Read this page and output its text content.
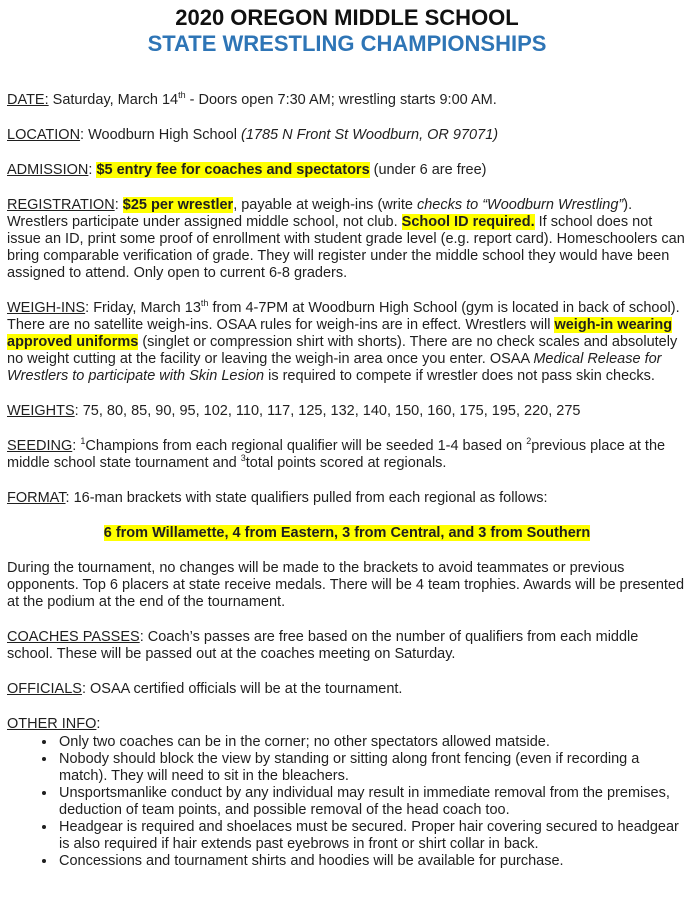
2020 OREGON MIDDLE SCHOOL
STATE WRESTLING CHAMPIONSHIPS

DATE: Saturday, March 14th - Doors open 7:30 AM; wrestling starts 9:00 AM.

LOCATION: Woodburn High School (1785 N Front St Woodburn, OR 97071)

ADMISSION: $5 entry fee for coaches and spectators (under 6 are free)

REGISTRATION: $25 per wrestler, payable at weigh-ins (write checks to “Woodburn Wrestling”). Wrestlers participate under assigned middle school, not club. School ID required. If school does not issue an ID, print some proof of enrollment with student grade level (e.g. report card). Homeschoolers can bring comparable verification of grade. They will register under the middle school they would have been assigned to attend. Only open to current 6-8 graders.

WEIGH-INS: Friday, March 13th from 4-7PM at Woodburn High School (gym is located in back of school). There are no satellite weigh-ins. OSAA rules for weigh-ins are in effect. Wrestlers will weigh-in wearing approved uniforms (singlet or compression shirt with shorts). There are no check scales and absolutely no weight cutting at the facility or leaving the weigh-in area once you enter. OSAA Medical Release for Wrestlers to participate with Skin Lesion is required to compete if wrestler does not pass skin checks.

WEIGHTS: 75, 80, 85, 90, 95, 102, 110, 117, 125, 132, 140, 150, 160, 175, 195, 220, 275

SEEDING: $^1$Champions from each regional qualifier will be seeded 1-4 based on $^2$previous place at the middle school state tournament and $^3$total points scored at regionals.

FORMAT: 16-man brackets with state qualifiers pulled from each regional as follows:

6 from Willamette, 4 from Eastern, 3 from Central, and 3 from Southern

During the tournament, no changes will be made to the brackets to avoid teammates or previous opponents. Top 6 placers at state receive medals. There will be 4 team trophies. Awards will be presented at the podium at the end of the tournament.

COACHES PASSES: Coach’s passes are free based on the number of qualifiers from each middle school. These will be passed out at the coaches meeting on Saturday.

OFFICIALS: OSAA certified officials will be at the tournament.

OTHER INFO:

• Only two coaches can be in the corner; no other spectators allowed matside.
• Nobody should block the view by standing or sitting along front fencing (even if recording a match). They will need to sit in the bleachers.
• Unsportsmanlike conduct by any individual may result in immediate removal from the premises, deduction of team points, and possible removal of the head coach too.
• Headgear is required and shoelaces must be secured. Proper hair covering secured to headgear is also required if hair extends past eyebrows in front or shirt collar in back.
• Concessions and tournament shirts and hoodies will be available for purchase.
